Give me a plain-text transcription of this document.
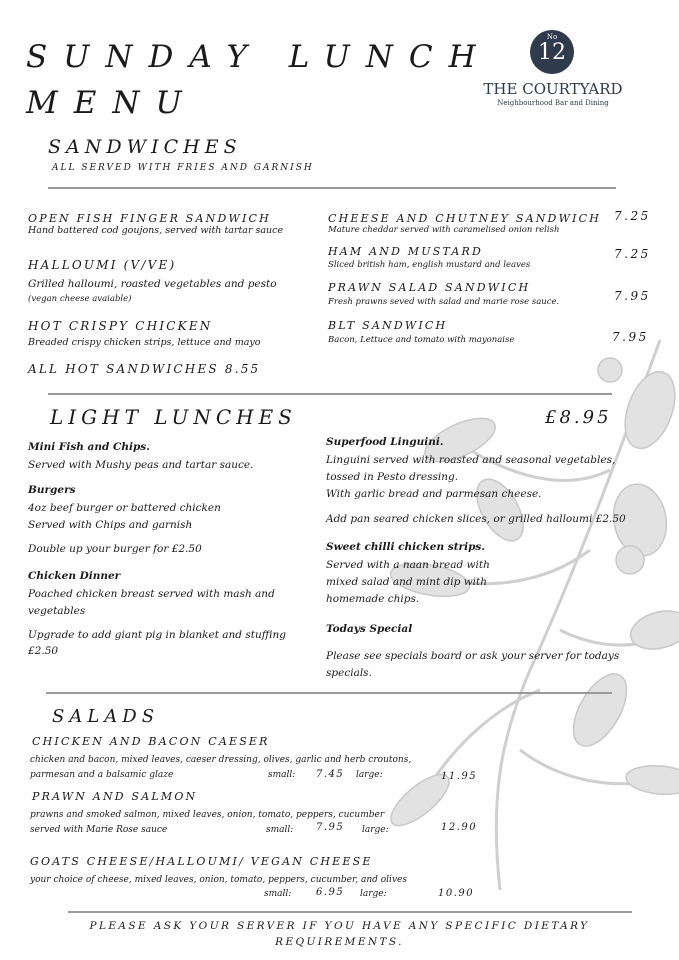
SUNDAY LUNCH
MENU
No
12
THE COURTYARD
Neighbourhood Bar and Dining
SANDWICHES
ALL SERVED WITH FRIES AND GARNISH
OPEN FISH FINGER SANDWICH
Hand battered cod goujons, served with tartar sauce
HALLOUMI (V/VE)
Grilled halloumi, roasted vegetables and pesto
(vegan cheese avaiable)
HOT CRISPY CHICKEN
Breaded crispy chicken strips, lettuce and mayo
ALL HOT SANDWICHES 8.55
CHEESE AND CHUTNEY SANDWICH
Mature cheddar served with caramelised onion relish
7.25
HAM AND MUSTARD
Sliced british ham, english mustard and leaves
7.25
PRAWN SALAD SANDWICH
Fresh prawns seved with salad and marie rose sauce.	7.95
BLT SANDWICH
Bacon, Lettuce and tomato with mayonaise	7.95
LIGHT LUNCHES	£8.95
Mini Fish and Chips.
Served with Mushy peas and tartar sauce.
Burgers
4oz beef burger or battered chicken
Served with Chips and garnish
Double up your burger for £2.50
Chicken Dinner
Poached chicken breast served with mash and
vegetables
Upgrade to add giant pig in blanket and stuffing
£2.50
Superfood Linguini.
Linguini served with roasted and seasonal vegetables,
tossed in Pesto dressing.
With garlic bread and parmesan cheese.
Add pan seared chicken slices, or grilled halloumi £2.50
Sweet chilli chicken strips.
Served with a naan bread with
mixed salad and mint dip with
homemade chips.
Todays Special
Please see specials board or ask your server for todays
specials.
SALADS
CHICKEN AND BACON CAESER
chicken and bacon, mixed leaves, caeser dressing, olives, garlic and herb croutons,
parmesan and a balsamic glaze	small: 7.45 large:	11.95
PRAWN AND SALMON
prawns and smoked salmon, mixed leaves, onion, tomato, peppers, cucumber
served with Marie Rose sauce	small: 7.95 large:	12.90
GOATS CHEESE/HALLOUMI/ VEGAN CHEESE
your choice of cheese, mixed leaves, onion, tomato, peppers, cucumber, and olives
small: 6.95 large:	10.90
PLEASE ASK YOUR SERVER IF YOU HAVE ANY SPECIFIC DIETARY
REQUIREMENTS.
